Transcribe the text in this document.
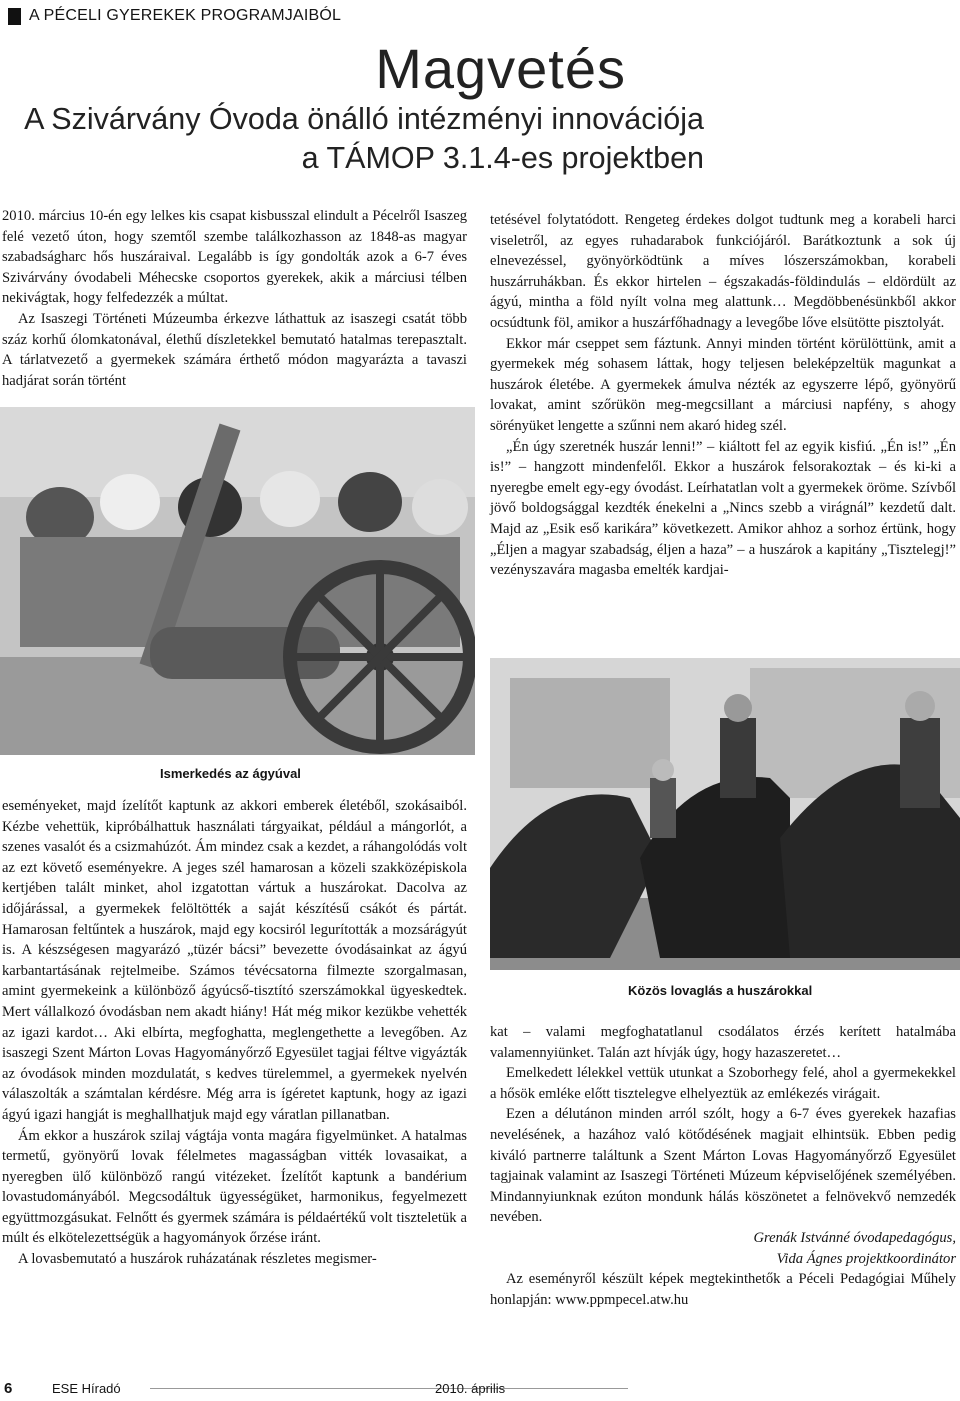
A PÉCELI GYEREKEK PROGRAMJAIBÓL
Magvetés
A Szivárvány Óvoda önálló intézményi innovációja
a TÁMOP 3.1.4-es projektben

2010. március 10-én egy lelkes kis csapat kisbusszal elindult a Pécelről Isaszeg felé vezető úton, hogy szemtől szembe találkozhasson az 1848-as magyar szabadságharc hős huszáraival. Legalább is így gondolták azok a 6-7 éves Szivárvány óvodabeli Méhecske csoportos gyerekek, akik a márciusi télben nekivágtak, hogy felfedezzék a múltat.

Az Isaszegi Történeti Múzeumba érkezve láthattuk az isaszegi csatát több száz korhű ólomkatonával, élethű díszletekkel bemutató hatalmas terepasztalt. A tárlatvezető a gyermekek számára érthető módon magyarázta a tavaszi hadjárat során történt

Ismerkedés az ágyúval

tetésével folytatódott. Rengeteg érdekes dolgot tudtunk meg a korabeli harci viseletről, az egyes ruhadarabok funkciójáról. Barátkoztunk a sok új elnevezéssel, gyönyörködtünk a míves lószerszámokban, korabeli huszárruhákban. És ekkor hirtelen – égszakadás-földindulás – eldördült az ágyú, mintha a föld nyílt volna meg alattunk… Megdöbbenésünkből akkor ocsúdtunk föl, amikor a huszárfőhadnagy a levegőbe lőve elsütötte pisztolyát.

Ekkor már cseppet sem fáztunk. Annyi minden történt körülöttünk, amit a gyermekek még sohasem láttak, hogy teljesen beleképzeltük magunkat a huszárok életébe. A gyermekek ámulva nézték az egyszerre lépő, gyönyörű lovakat, amint szőrükön meg-megcsillant a márciusi napfény, s ahogy sörényüket lengette a szűnni nem akaró hideg szél.

„Én úgy szeretnék huszár lenni!” – kiáltott fel az egyik kisfiú. „Én is!” „Én is!” – hangzott mindenfelől. Ekkor a huszárok felsorakoztak – és ki-ki a nyeregbe emelt egy-egy óvodást. Leírhatatlan volt a gyermekek öröme. Szívből jövő boldogsággal kezdték énekelni a „Nincs szebb a virágnál” kezdetű dalt. Majd az „Esik eső karikára” következett. Amikor ahhoz a sorhoz értünk, hogy „Éljen a magyar szabadság, éljen a haza” – a huszárok a kapitány „Tisztelegj!” vezényszavára magasba emelték kardjai-

Közös lovaglás a huszárokkal

eseményeket, majd ízelítőt kaptunk az akkori emberek életéből, szokásaiból. Kézbe vehettük, kipróbálhattuk használati tárgyaikat, például a mángorlót, a szenes vasalót és a csizmahúzót. Ám mindez csak a kezdet, a ráhangolódás volt az ezt követő eseményekre. A jeges szél hamarosan a közeli szakközépiskola kertjében talált minket, ahol izgatottan vártuk a huszárokat. Dacolva az időjárással, a gyermekek felöltötték a saját készítésű csákót és pártát. Hamarosan feltűntek a huszárok, majd egy kocsiról legurították a mozsárágyút is. A készségesen magyarázó „tüzér bácsi” bevezette óvodásainkat az ágyú karbantartásának rejtelmeibe. Számos tévécsatorna filmezte szorgalmasan, amint gyermekeink a különböző ágyúcső-tisztító szerszámokkal ügyeskedtek. Mert vállalkozó óvodásban nem akadt hiány! Hát még mikor kezükbe vehették az igazi kardot… Aki elbírta, megfoghatta, meglengethette a levegőben. Az isaszegi Szent Márton Lovas Hagyományőrző Egyesület tagjai féltve vigyázták az óvodások minden mozdulatát, s kedves türelemmel, a gyermekek nyelvén válaszolták a számtalan kérdésre. Még arra is ígéretet kaptunk, hogy az igazi ágyú igazi hangját is meghallhatjuk majd egy váratlan pillanatban.

Ám ekkor a huszárok szilaj vágtája vonta magára figyelmünket. A hatalmas termetű, gyönyörű lovak félelmetes magasságban vitték lovasaikat, a nyeregben ülő különböző rangú vitézeket. Ízelítőt kaptunk a bandérium lovastudományából. Megcsodáltuk ügyességüket, harmonikus, fegyelmezett együttmozgásukat. Felnőtt és gyermek számára is példaértékű volt tiszteletük a múlt és elkötelezettségük a hagyományok őrzése iránt.

A lovasbemutató a huszárok ruházatának részletes megismer-

kat – valami megfoghatatlanul csodálatos érzés kerített hatalmába valamennyiünket. Talán azt hívják úgy, hogy hazaszeretet…

Emelkedett lélekkel vettük utunkat a Szoborhegy felé, ahol a gyermekekkel a hősök emléke előtt tisztelegve elhelyeztük az emlékezés virágait.

Ezen a délutánon minden arról szólt, hogy a 6-7 éves gyerekek hazafias nevelésének, a hazához való kötődésének magjait elhintsük. Ebben pedig kiváló partnerre találtunk a Szent Márton Lovas Hagyományőrző Egyesület tagjainak valamint az Isaszegi Történeti Múzeum képviselőjének személyében. Mindannyiunknak ezúton mondunk hálás köszönetet a felnövekvő nemzedék nevében.

Grenák Istvánné óvodapedagógus,

Vida Ágnes projektkoordinátor

Az eseményről készült képek megtekinthetők a Péceli Pedagógiai Műhely honlapján: www.ppmpecel.atw.hu

6	ESE Híradó	2010. április
